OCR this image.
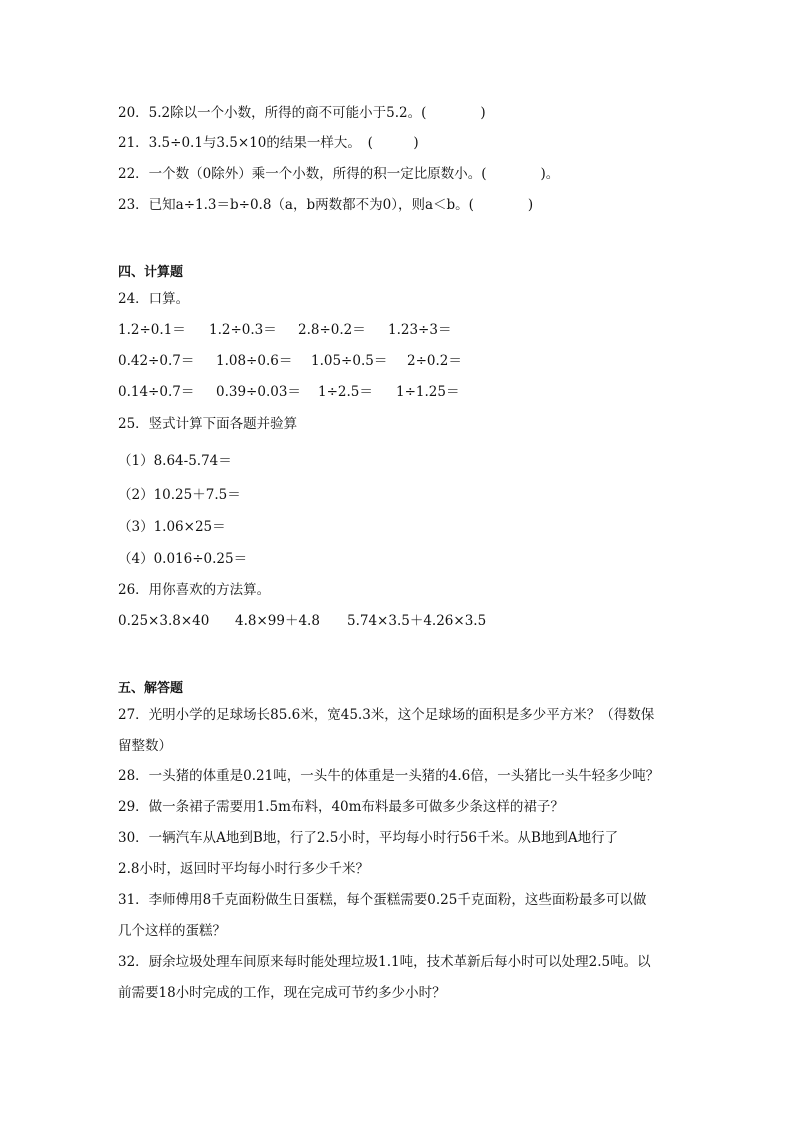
20．5.2除以一个小数，所得的商不可能小于5.2。(　　　　)
21．3.5÷0.1与3.5×10的结果一样大。　(　　　)
22．一个数（0除外）乘一个小数，所得的积一定比原数小。(　　　　)。
23．已知a÷1.3＝b÷0.8（a，b两数都不为0），则a＜b。(　　　　)
四、计算题
24．口算。
1.2÷0.1＝ 1.2÷0.3＝ 2.8÷0.2＝ 1.23÷3＝
0.42÷0.7＝ 1.08÷0.6＝ 1.05÷0.5＝ 2÷0.2＝
0.14÷0.7＝ 0.39÷0.03＝ 1÷2.5＝ 1÷1.25＝
25．竖式计算下面各题并验算
（1）8.64-5.74＝
（2）10.25＋7.5＝
（3）1.06×25＝
（4）0.016÷0.25＝
26．用你喜欢的方法算。
0.25×3.8×40 4.8×99＋4.8 5.74×3.5＋4.26×3.5
五、解答题
27．光明小学的足球场长85.6米，宽45.3米，这个足球场的面积是多少平方米？（得数保
留整数）
28．一头猪的体重是0.21吨，一头牛的体重是一头猪的4.6倍，一头猪比一头牛轻多少吨？
29．做一条裙子需要用1.5m布料，40m布料最多可做多少条这样的裙子？
30．一辆汽车从A地到B地，行了2.5小时，平均每小时行56千米。从B地到A地行了
2.8小时，返回时平均每小时行多少千米？
31．李师傅用8千克面粉做生日蛋糕，每个蛋糕需要0.25千克面粉，这些面粉最多可以做
几个这样的蛋糕？
32．厨余垃圾处理车间原来每时能处理垃圾1.1吨，技术革新后每小时可以处理2.5吨。以
前需要18小时完成的工作，现在完成可节约多少小时？
